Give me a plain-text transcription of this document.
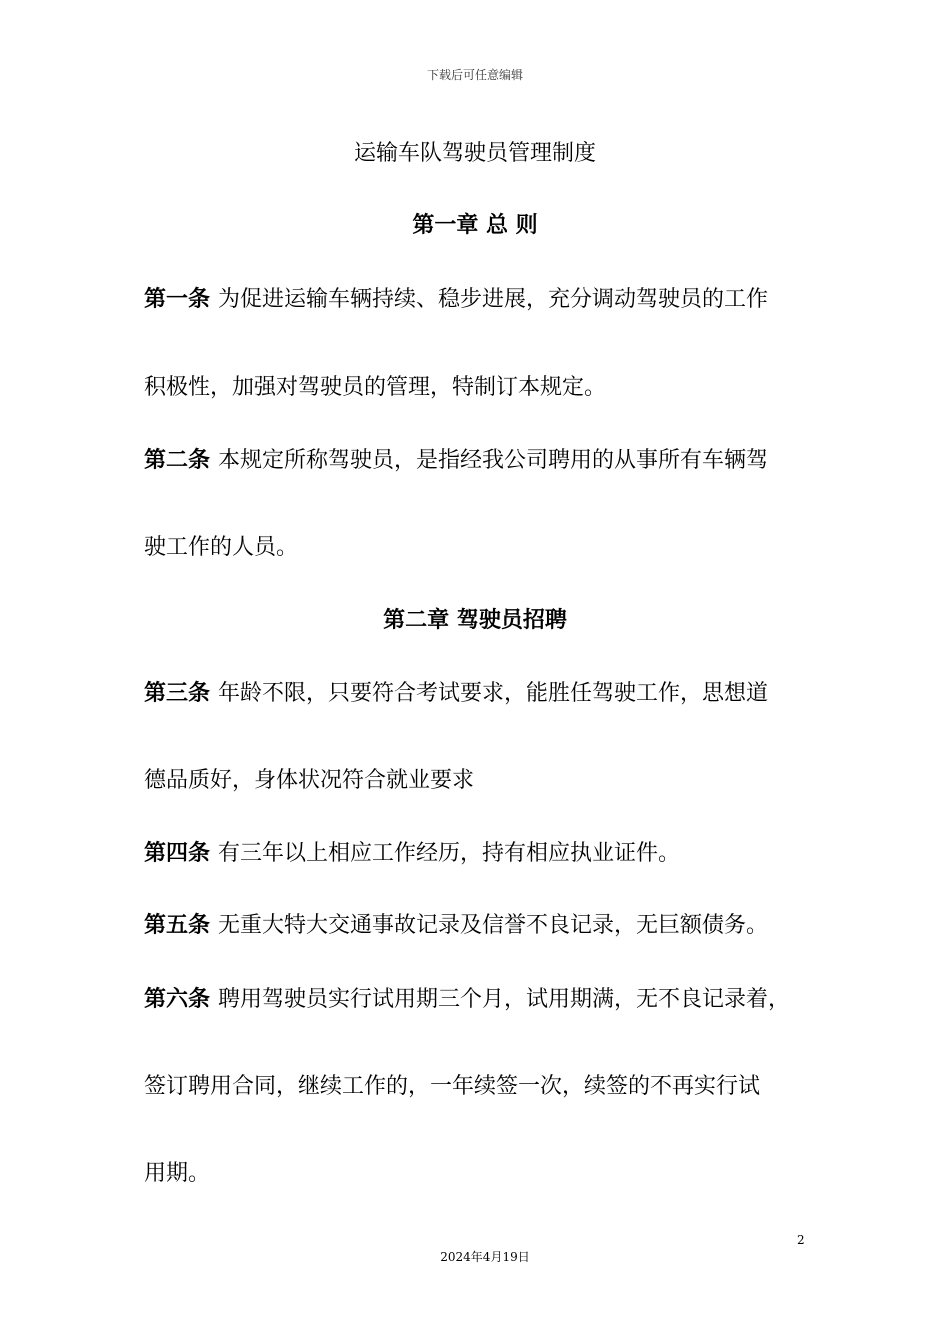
下载后可任意编辑
运输车队驾驶员管理制度
第一章 总 则
第一条 为促进运输车辆持续、稳步进展，充分调动驾驶员的工作
积极性，加强对驾驶员的管理，特制订本规定。
第二条 本规定所称驾驶员，是指经我公司聘用的从事所有车辆驾
驶工作的人员。
第二章 驾驶员招聘
第三条 年龄不限，只要符合考试要求，能胜任驾驶工作，思想道
德品质好，身体状况符合就业要求
第四条 有三年以上相应工作经历，持有相应执业证件。
第五条 无重大特大交通事故记录及信誉不良记录，无巨额债务。
第六条 聘用驾驶员实行试用期三个月，试用期满，无不良记录着，
签订聘用合同，继续工作的，一年续签一次，续签的不再实行试
用期。
2
2024年4月19日
